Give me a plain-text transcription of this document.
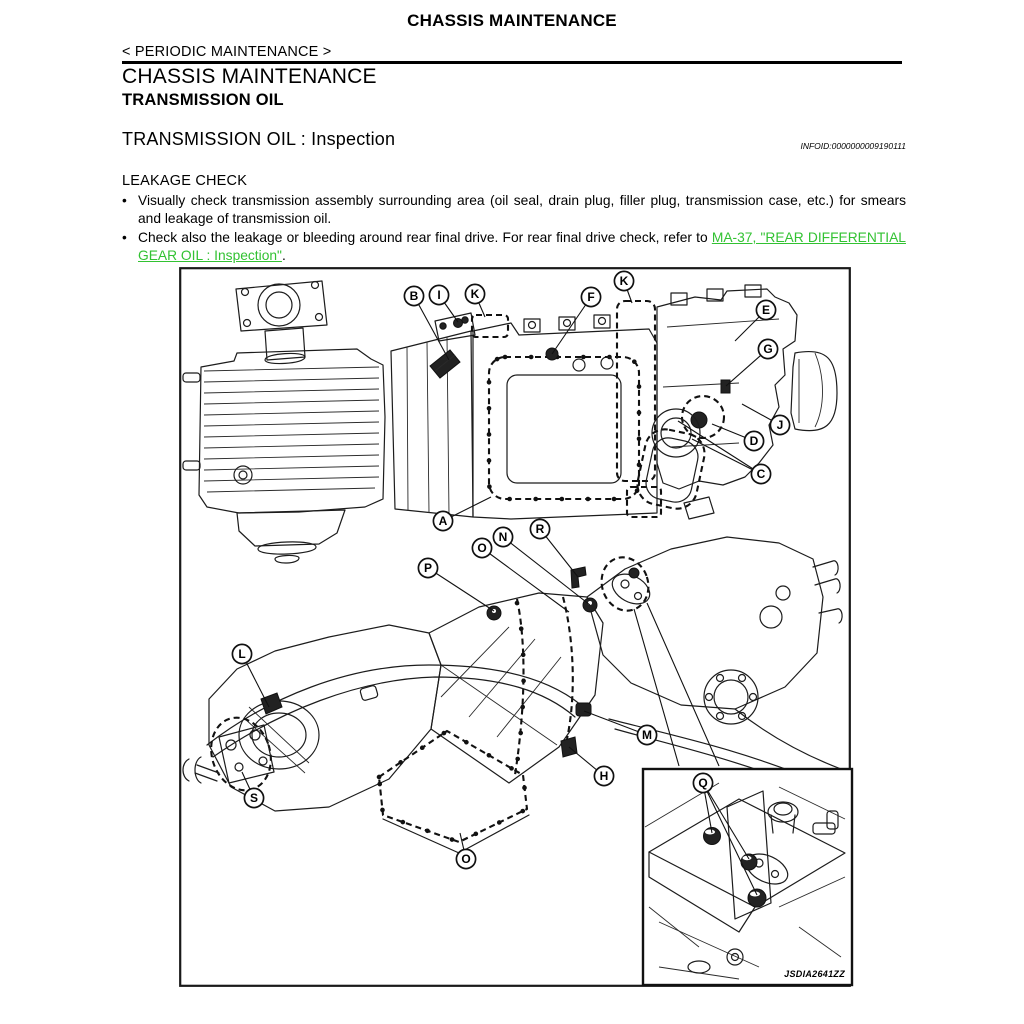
CHASSIS MAINTENANCE
< PERIODIC MAINTENANCE >
CHASSIS MAINTENANCE
TRANSMISSION OIL
TRANSMISSION OIL : Inspection	INFOID:0000000009190111
LEAKAGE CHECK
• Visually check transmission assembly surrounding area (oil seal, drain plug, filler plug, transmission case, etc.) for smears and leakage of transmission oil.
• Check also the leakage or bleeding around rear final drive. For rear final drive check, refer to MA-37, "REAR DIFFERENTIAL GEAR OIL : Inspection".
B I K	F
K
E
G
J
D
C
A
O
N
R
P
L
S
M
H
O
Q
JSDIA2641ZZ
